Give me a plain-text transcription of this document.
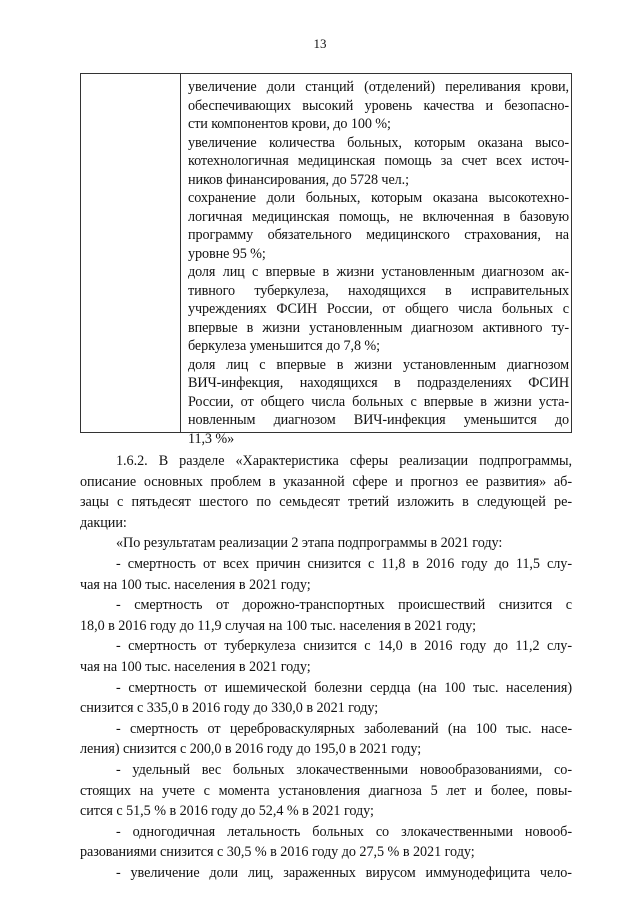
13
увеличение доли станций (отделений) переливания крови,
обеспечивающих высокий уровень качества и безопасно-
сти компонентов крови, до 100 %;
увеличение количества больных, которым оказана высо-
котехнологичная медицинская помощь за счет всех источ-
ников финансирования, до 5728 чел.;
сохранение доли больных, которым оказана высокотехно-
логичная медицинская помощь, не включенная в базовую
программу обязательного медицинского страхования, на
уровне 95 %;
доля лиц с впервые в жизни установленным диагнозом ак-
тивного туберкулеза, находящихся в исправительных
учреждениях ФСИН России, от общего числа больных с
впервые в жизни установленным диагнозом активного ту-
беркулеза уменьшится до 7,8 %;
доля лиц с впервые в жизни установленным диагнозом
ВИЧ-инфекция, находящихся в подразделениях ФСИН
России, от общего числа больных с впервые в жизни уста-
новленным диагнозом ВИЧ-инфекция уменьшится до
11,3 %»
1.6.2. В разделе «Характеристика сферы реализации подпрограммы,
описание основных проблем в указанной сфере и прогноз ее развития» аб-
зацы с пятьдесят шестого по семьдесят третий изложить в следующей ре-
дакции:
«По результатам реализации 2 этапа подпрограммы в 2021 году:
- смертность от всех причин снизится с 11,8 в 2016 году до 11,5 слу-
чая на 100 тыс. населения в 2021 году;
- смертность от дорожно-транспортных происшествий снизится с
18,0 в 2016 году до 11,9 случая на 100 тыс. населения в 2021 году;
- смертность от туберкулеза снизится с 14,0 в 2016 году до 11,2 слу-
чая на 100 тыс. населения в 2021 году;
- смертность от ишемической болезни сердца (на 100 тыс. населения)
снизится с 335,0 в 2016 году до 330,0 в 2021 году;
- смертность от цереброваскулярных заболеваний (на 100 тыс. насе-
ления) снизится с 200,0 в 2016 году до 195,0 в 2021 году;
- удельный вес больных злокачественными новообразованиями, со-
стоящих на учете с момента установления диагноза 5 лет и более, повы-
сится с 51,5 % в 2016 году до 52,4 % в 2021 году;
- одногодичная летальность больных со злокачественными новооб-
разованиями снизится с 30,5 % в 2016 году до 27,5 % в 2021 году;
- увеличение доли лиц, зараженных вирусом иммунодефицита чело-
